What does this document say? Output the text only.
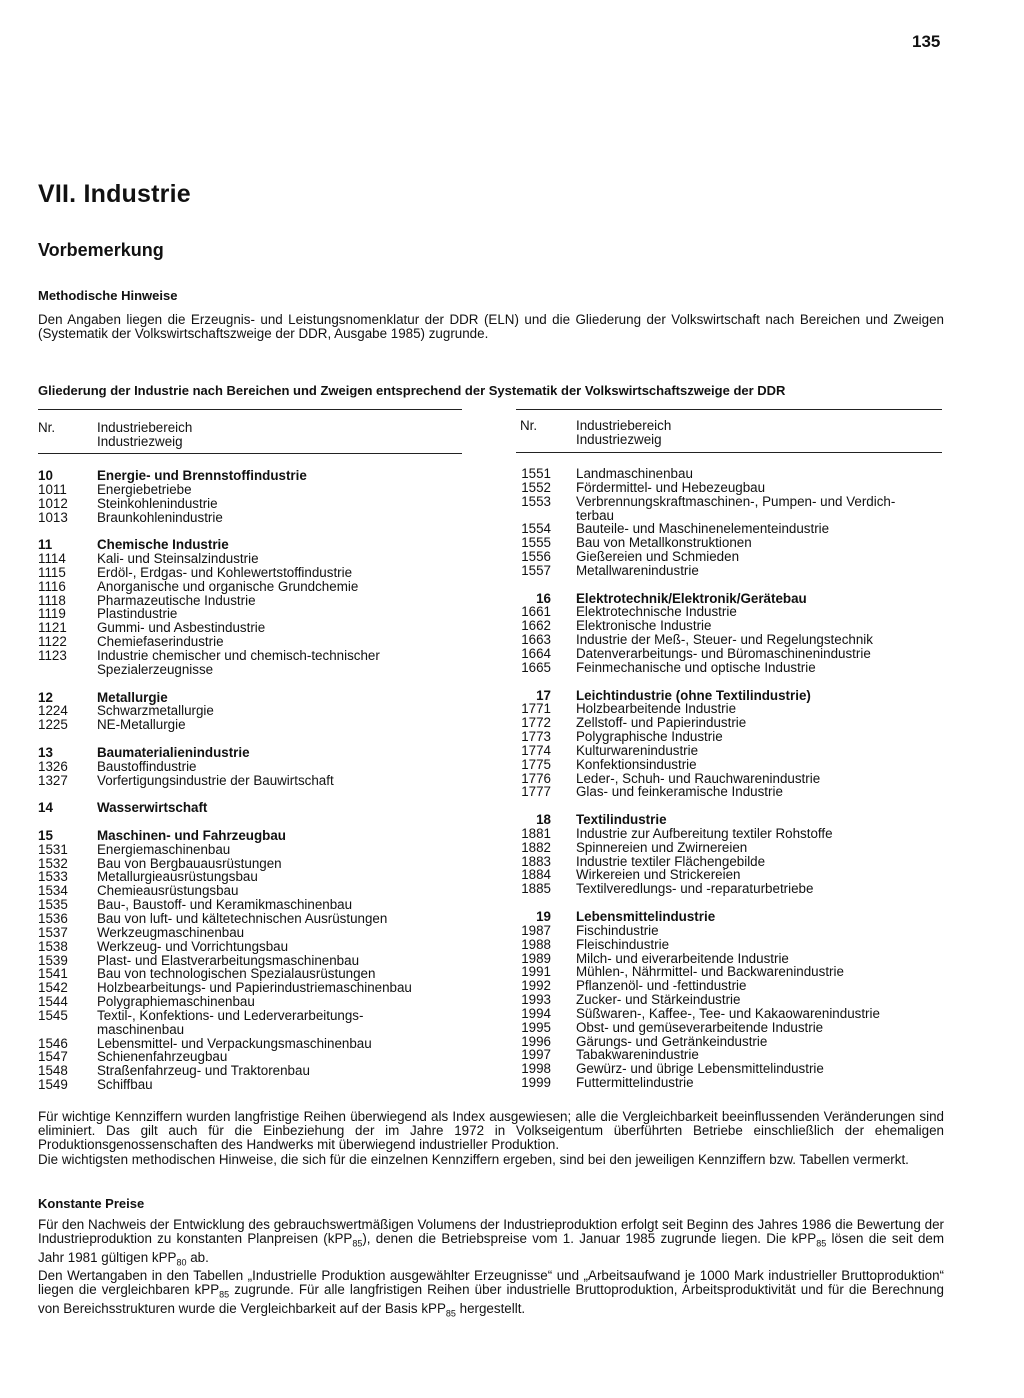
135
VII. Industrie
Vorbemerkung
Methodische Hinweise

Den Angaben liegen die Erzeugnis- und Leistungsnomenklatur der DDR (ELN) und die Gliederung der Volkswirtschaft nach Bereichen und Zweigen (Systematik der Volkswirtschaftszweige der DDR, Ausgabe 1985) zugrunde.

Gliederung der Industrie nach Bereichen und Zweigen entsprechend der Systematik der Volkswirtschaftszweige der DDR
Nr.	Industriebereich
Industriezweig
Nr.	Industriebereich
Industriezweig
10	Energie- und Brennstoffindustrie
1011	Energiebetriebe
1012	Steinkohlenindustrie
1013	Braunkohlenindustrie
11	Chemische Industrie
1114	Kali- und Steinsalzindustrie
1115	Erdöl-, Erdgas- und Kohlewertstoffindustrie
1116	Anorganische und organische Grundchemie
1118	Pharmazeutische Industrie
1119	Plastindustrie
1121	Gummi- und Asbestindustrie
1122	Chemiefaserindustrie
1123	Industrie chemischer und chemisch-technischer
Spezialerzeugnisse
12	Metallurgie
1224	Schwarzmetallurgie
1225	NE-Metallurgie
13	Baumaterialienindustrie
1326	Baustoffindustrie
1327	Vorfertigungsindustrie der Bauwirtschaft
14	Wasserwirtschaft
15	Maschinen- und Fahrzeugbau
1531	Energiemaschinenbau
1532	Bau von Bergbauausrüstungen
1533	Metallurgieausrüstungsbau
1534	Chemieausrüstungsbau
1535	Bau-, Baustoff- und Keramikmaschinenbau
1536	Bau von luft- und kältetechnischen Ausrüstungen
1537	Werkzeugmaschinenbau
1538	Werkzeug- und Vorrichtungsbau
1539	Plast- und Elastverarbeitungsmaschinenbau
1541	Bau von technologischen Spezialausrüstungen
1542	Holzbearbeitungs- und Papierindustriemaschinenbau
1544	Polygraphiemaschinenbau
1545	Textil-, Konfektions- und Lederverarbeitungs-
maschinenbau
1546	Lebensmittel- und Verpackungsmaschinenbau
1547	Schienenfahrzeugbau
1548	Straßenfahrzeug- und Traktorenbau
1549	Schiffbau
1551 Landmaschinenbau
1552 Fördermittel- und Hebezeugbau
1553 Verbrennungskraftmaschinen-, Pumpen- und Verdich-
terbau
1554 Bauteile- und Maschinenelementeindustrie
1555 Bau von Metallkonstruktionen
1556 Gießereien und Schmieden
1557 Metallwarenindustrie
16 Elektrotechnik/Elektronik/Gerätebau
1661 Elektrotechnische Industrie
1662 Elektronische Industrie
1663 Industrie der Meß-, Steuer- und Regelungstechnik
1664 Datenverarbeitungs- und Büromaschinenindustrie
1665 Feinmechanische und optische Industrie
17 Leichtindustrie (ohne Textilindustrie)
1771 Holzbearbeitende Industrie
1772 Zellstoff- und Papierindustrie
1773 Polygraphische Industrie
1774 Kulturwarenindustrie
1775 Konfektionsindustrie
1776 Leder-, Schuh- und Rauchwarenindustrie
1777 Glas- und feinkeramische Industrie
18 Textilindustrie
1881 Industrie zur Aufbereitung textiler Rohstoffe
1882 Spinnereien und Zwirnereien
1883 Industrie textiler Flächengebilde
1884 Wirkereien und Strickereien
1885 Textilveredlungs- und -reparaturbetriebe
19 Lebensmittelindustrie
1987 Fischindustrie
1988 Fleischindustrie
1989 Milch- und eiverarbeitende Industrie
1991 Mühlen-, Nährmittel- und Backwarenindustrie
1992 Pflanzenöl- und -fettindustrie
1993 Zucker- und Stärkeindustrie
1994 Süßwaren-, Kaffee-, Tee- und Kakaowarenindustrie
1995 Obst- und gemüseverarbeitende Industrie
1996 Gärungs- und Getränkeindustrie
1997 Tabakwarenindustrie
1998 Gewürz- und übrige Lebensmittelindustrie
1999 Futtermittelindustrie

Für wichtige Kennziffern wurden langfristige Reihen überwiegend als Index ausgewiesen; alle die Vergleichbarkeit beeinflussenden Veränderungen sind eliminiert. Das gilt auch für die Einbeziehung der im Jahre 1972 in Volkseigentum überführten Betriebe einschließlich der ehemaligen Produktionsgenossenschaften des Handwerks mit überwiegend industrieller Produktion.

Die wichtigsten methodischen Hinweise, die sich für die einzelnen Kennziffern ergeben, sind bei den jeweiligen Kennziffern bzw. Tabellen vermerkt.

Konstante Preise

Für den Nachweis der Entwicklung des gebrauchswertmäßigen Volumens der Industrieproduktion erfolgt seit Beginn des Jahres 1986 die Bewertung der Industrieproduktion zu konstanten Planpreisen (kPP$_{85}$), denen die Betriebspreise vom 1. Januar 1985 zugrunde liegen. Die kPP$_{85}$ lösen die seit dem Jahr 1981 gültigen kPP$_{80}$ ab.
Den Wertangaben in den Tabellen „Industrielle Produktion ausgewählter Erzeugnisse“ und „Arbeitsaufwand je 1000 Mark industrieller Bruttoproduktion“ liegen die vergleichbaren kPP$_{85}$ zugrunde. Für alle langfristigen Reihen über industrielle Bruttoproduktion, Arbeitsproduktivität und für die Berechnung von Bereichsstrukturen wurde die Vergleichbarkeit auf der Basis kPP$_{85}$ hergestellt.
